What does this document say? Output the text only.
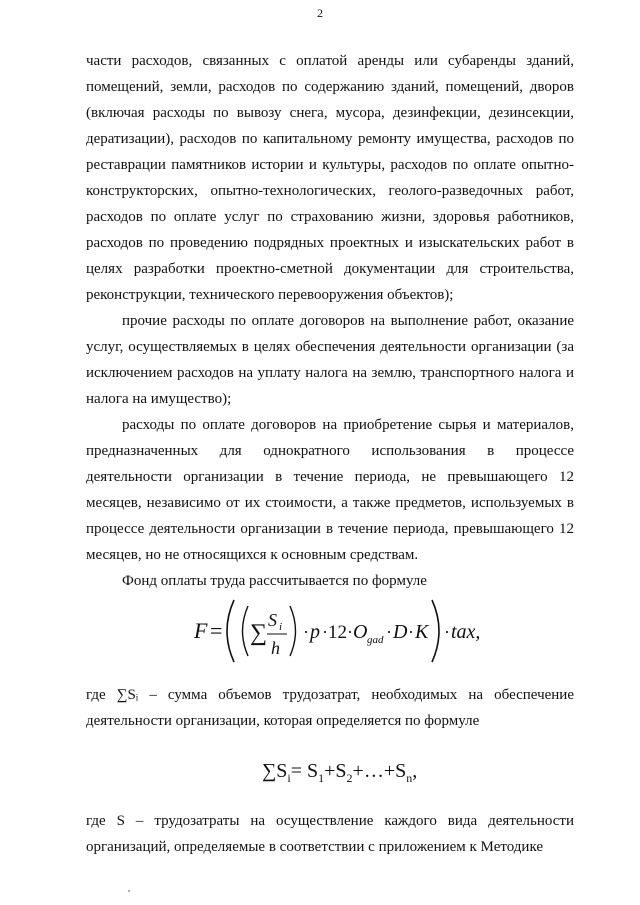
2

части расходов, связанных с оплатой аренды или субаренды зданий, помещений, земли, расходов по содержанию зданий, помещений, дворов (включая расходы по вывозу снега, мусора, дезинфекции, дезинсекции, дератизации), расходов по капитальному ремонту имущества, расходов по реставрации памятников истории и культуры, расходов по оплате опытно-конструкторских, опытно-технологических, геолого-разведочных работ, расходов по оплате услуг по страхованию жизни, здоровья работников, расходов по проведению подрядных проектных и изыскательских работ в целях разработки проектно-сметной документации для строительства, реконструкции, технического перевооружения объектов);

прочие расходы по оплате договоров на выполнение работ, оказание услуг, осуществляемых в целях обеспечения деятельности организации (за исключением расходов на уплату налога на землю, транспортного налога и налога на имущество);

расходы по оплате договоров на приобретение сырья и материалов, предназначенных для однократного использования в процессе деятельности организации в течение периода, не превышающего 12 месяцев, независимо от их стоимости, а также предметов, используемых в процессе деятельности организации в течение периода, превышающего 12 месяцев, но не относящихся к основным средствам.

Фонд оплаты труда рассчитывается по формуле

F = ∑ S i
h
· p · 12 · O gad · D · K · tax,

где ∑Sᵢ – сумма объемов трудозатрат, необходимых на обеспечение деятельности организации, которая определяется по формуле

$\sum S_i=$ $S_1+S_2+\dots+S_n$,

где S – трудозатраты на осуществление каждого вида деятельности организаций, определяемые в соответствии с приложением к Методике
